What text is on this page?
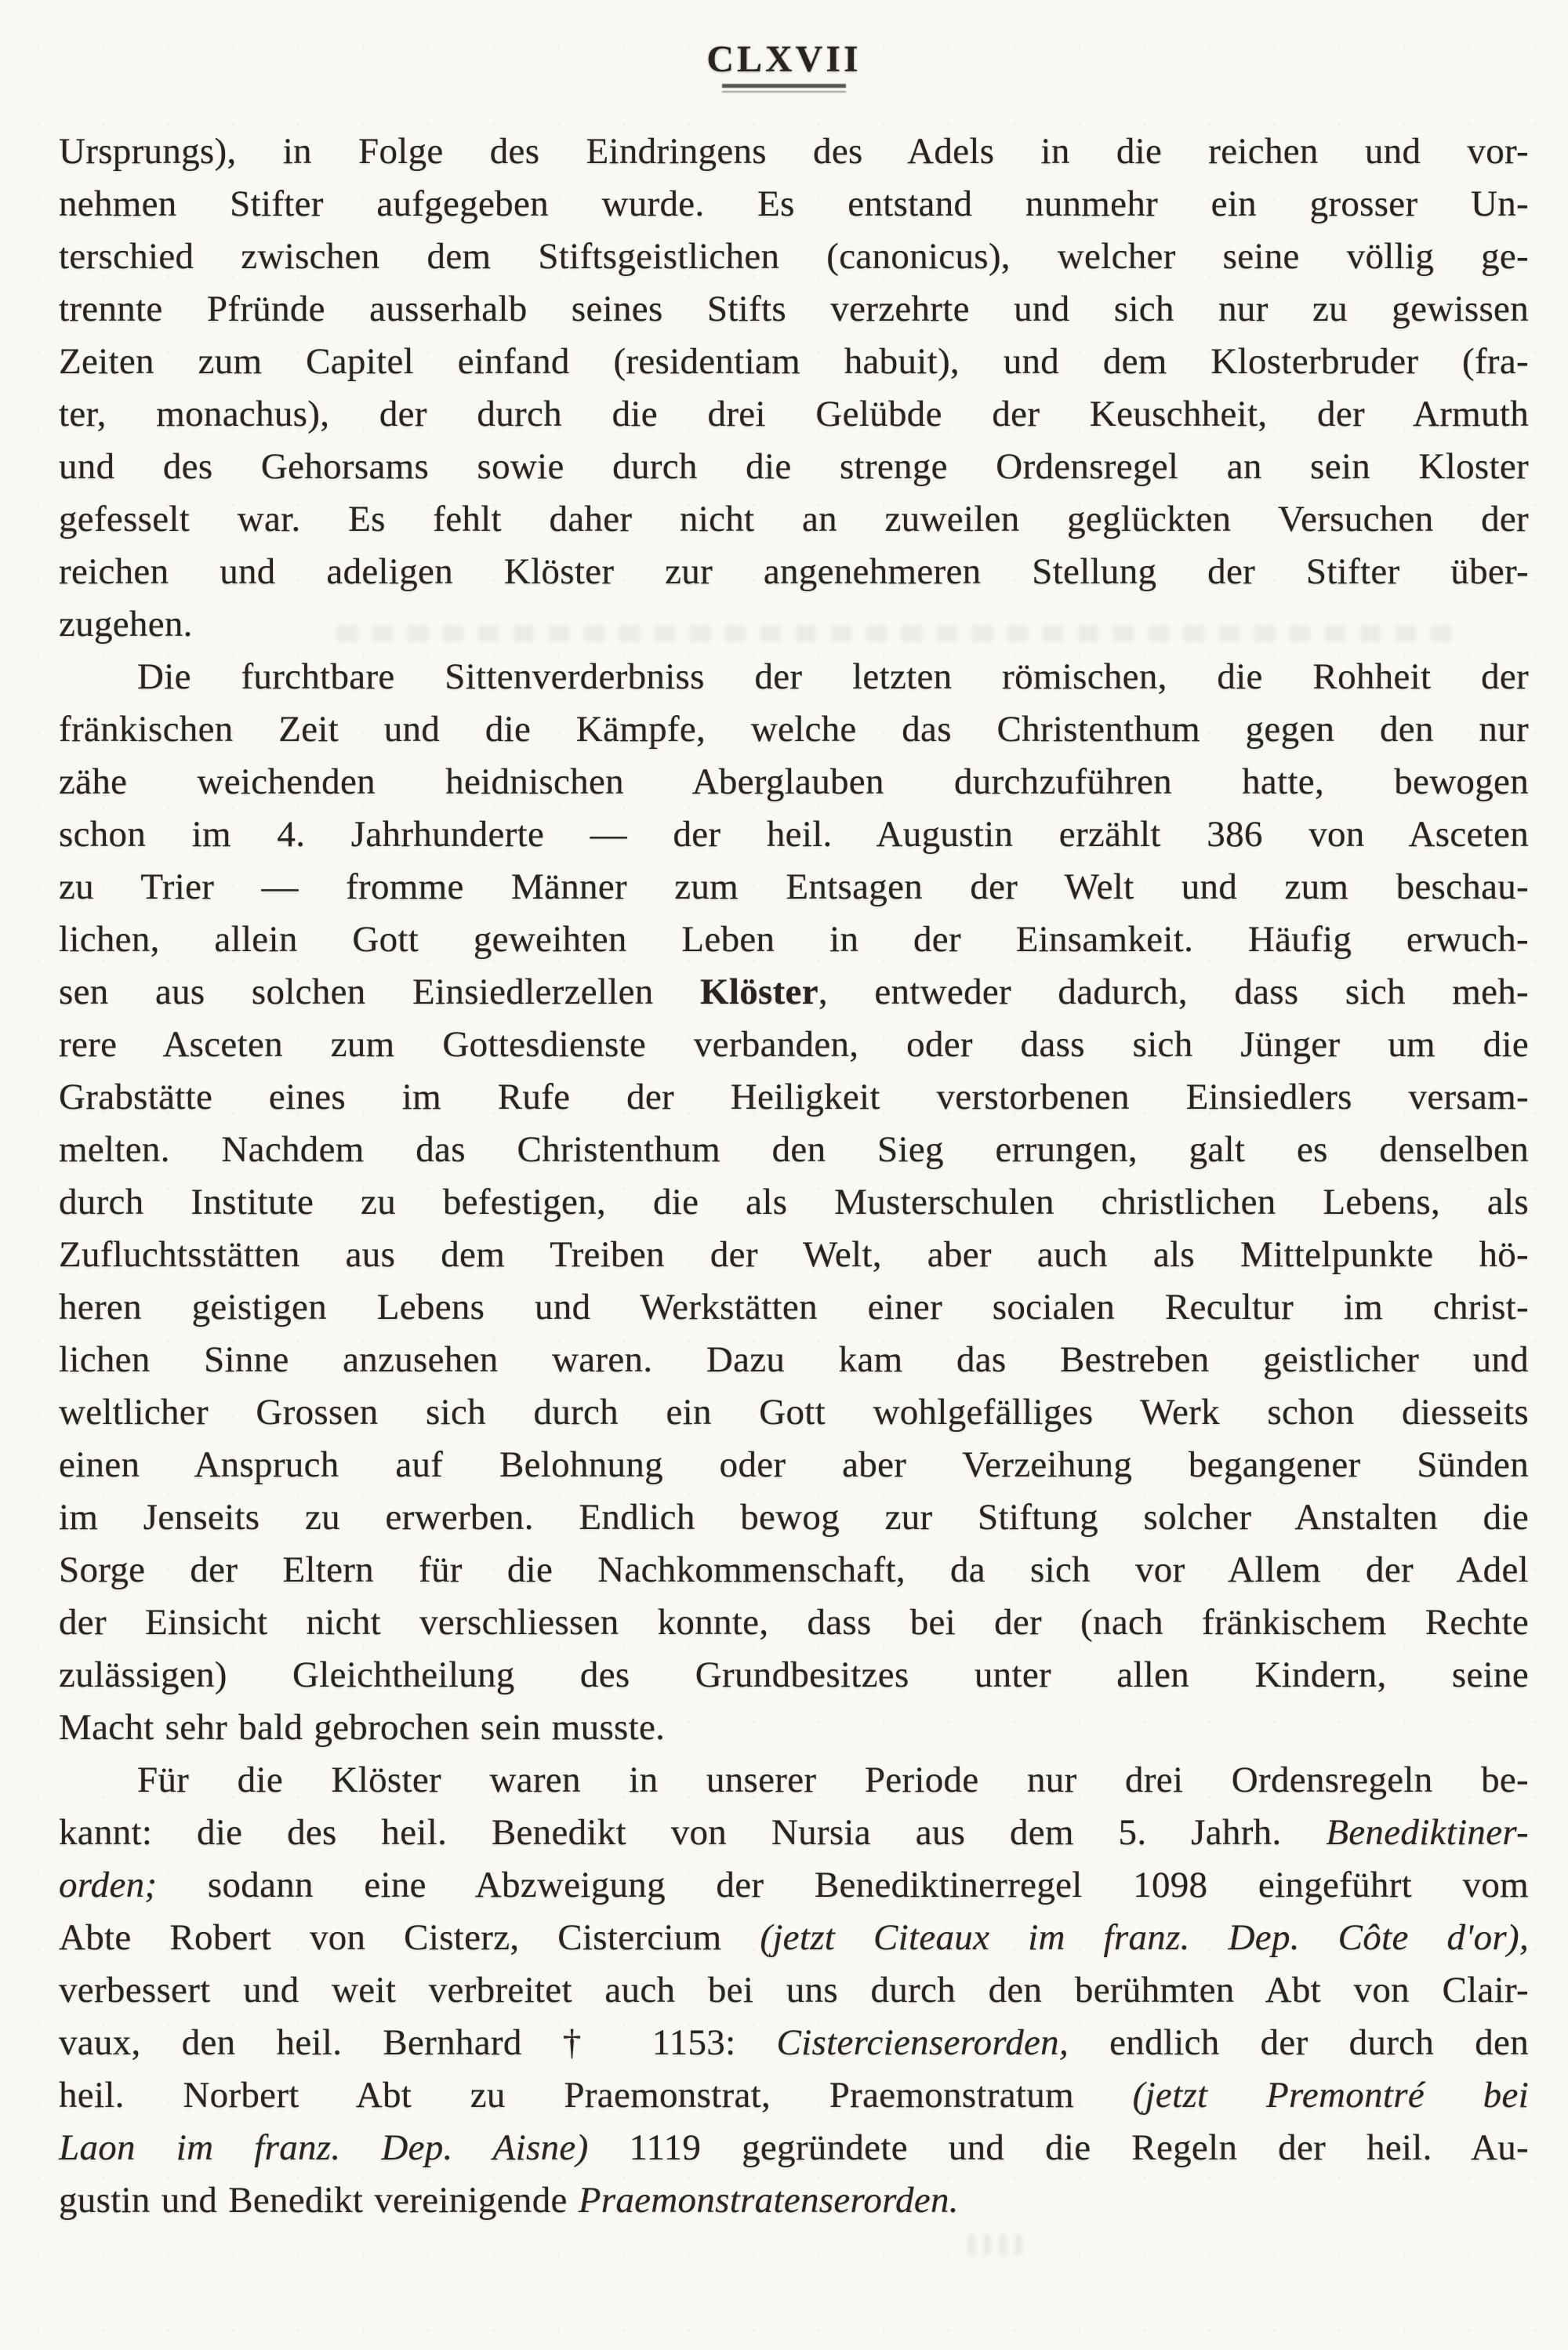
CLXVII
Ursprungs), in Folge des Eindringens des Adels in die reichen und vor-
nehmen Stifter aufgegeben wurde. Es entstand nunmehr ein grosser Un-
terschied zwischen dem Stiftsgeistlichen (canonicus), welcher seine völlig ge-
trennte Pfründe ausserhalb seines Stifts verzehrte und sich nur zu gewissen
Zeiten zum Capitel einfand (residentiam habuit), und dem Klosterbruder (fra-
ter, monachus), der durch die drei Gelübde der Keuschheit, der Armuth
und des Gehorsams sowie durch die strenge Ordensregel an sein Kloster
gefesselt war. Es fehlt daher nicht an zuweilen geglückten Versuchen der
reichen und adeligen Klöster zur angenehmeren Stellung der Stifter über-
zugehen.
Die furchtbare Sittenverderbniss der letzten römischen, die Rohheit der
fränkischen Zeit und die Kämpfe, welche das Christenthum gegen den nur
zähe weichenden heidnischen Aberglauben durchzuführen hatte, bewogen
schon im 4. Jahrhunderte — der heil. Augustin erzählt 386 von Asceten
zu Trier — fromme Männer zum Entsagen der Welt und zum beschau-
lichen, allein Gott geweihten Leben in der Einsamkeit. Häufig erwuch-
sen aus solchen Einsiedlerzellen Klöster, entweder dadurch, dass sich meh-
rere Asceten zum Gottesdienste verbanden, oder dass sich Jünger um die
Grabstätte eines im Rufe der Heiligkeit verstorbenen Einsiedlers versam-
melten. Nachdem das Christenthum den Sieg errungen, galt es denselben
durch Institute zu befestigen, die als Musterschulen christlichen Lebens, als
Zufluchtsstätten aus dem Treiben der Welt, aber auch als Mittelpunkte hö-
heren geistigen Lebens und Werkstätten einer socialen Recultur im christ-
lichen Sinne anzusehen waren. Dazu kam das Bestreben geistlicher und
weltlicher Grossen sich durch ein Gott wohlgefälliges Werk schon diesseits
einen Anspruch auf Belohnung oder aber Verzeihung begangener Sünden
im Jenseits zu erwerben. Endlich bewog zur Stiftung solcher Anstalten die
Sorge der Eltern für die Nachkommenschaft, da sich vor Allem der Adel
der Einsicht nicht verschliessen konnte, dass bei der (nach fränkischem Rechte
zulässigen) Gleichtheilung des Grundbesitzes unter allen Kindern, seine
Macht sehr bald gebrochen sein musste.
Für die Klöster waren in unserer Periode nur drei Ordensregeln be-
kannt: die des heil. Benedikt von Nursia aus dem 5. Jahrh. Benediktiner-
orden; sodann eine Abzweigung der Benediktinerregel 1098 eingeführt vom
Abte Robert von Cisterz, Cistercium (jetzt Citeaux im franz. Dep. Côte d'or),
verbessert und weit verbreitet auch bei uns durch den berühmten Abt von Clair-
vaux, den heil. Bernhard † 1153: Cistercienserorden, endlich der durch den
heil. Norbert Abt zu Praemonstrat, Praemonstratum (jetzt Premontré bei
Laon im franz. Dep. Aisne) 1119 gegründete und die Regeln der heil. Au-
gustin und Benedikt vereinigende Praemonstratenserorden.
